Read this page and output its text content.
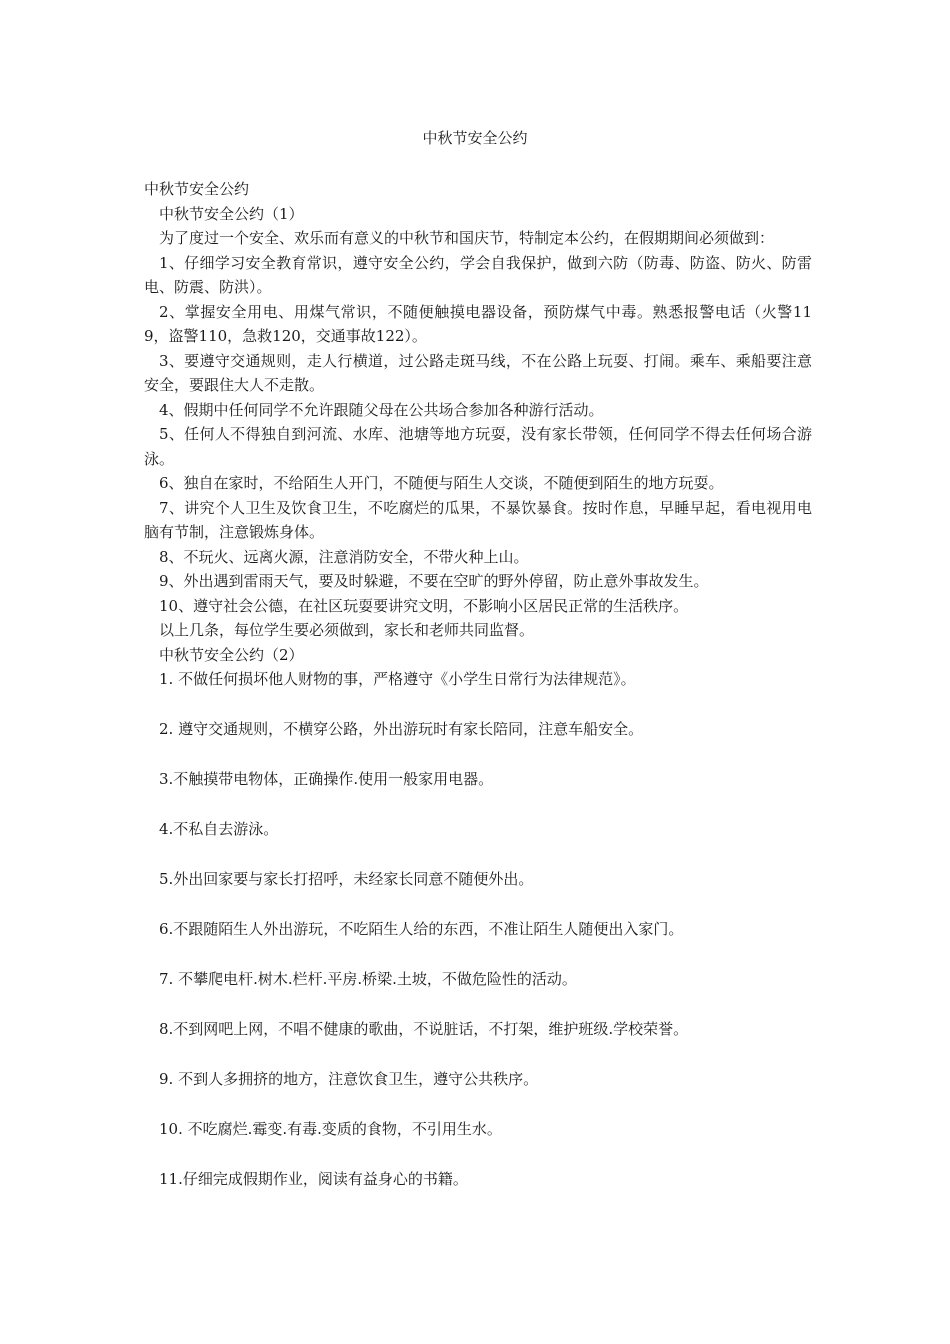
中秋节安全公约

中秋节安全公约

中秋节安全公约（1）

为了度过一个安全、欢乐而有意义的中秋节和国庆节，特制定本公约，在假期期间必须做到：

1、仔细学习安全教育常识，遵守安全公约，学会自我保护，做到六防（防毒、防盗、防火、防雷电、防震、防洪）。

2、掌握安全用电、用煤气常识，不随便触摸电器设备，预防煤气中毒。熟悉报警电话（火警119，盗警110，急救120，交通事故122）。

3、要遵守交通规则，走人行横道，过公路走斑马线，不在公路上玩耍、打闹。乘车、乘船要注意安全，要跟住大人不走散。

4、假期中任何同学不允许跟随父母在公共场合参加各种游行活动。

5、任何人不得独自到河流、水库、池塘等地方玩耍，没有家长带领，任何同学不得去任何场合游泳。

6、独自在家时，不给陌生人开门，不随便与陌生人交谈，不随便到陌生的地方玩耍。

7、讲究个人卫生及饮食卫生，不吃腐烂的瓜果，不暴饮暴食。按时作息，早睡早起，看电视用电脑有节制，注意锻炼身体。

8、不玩火、远离火源，注意消防安全，不带火种上山。

9、外出遇到雷雨天气，要及时躲避，不要在空旷的野外停留，防止意外事故发生。

10、遵守社会公德，在社区玩耍要讲究文明，不影响小区居民正常的生活秩序。

以上几条，每位学生要必须做到，家长和老师共同监督。

中秋节安全公约（2）

1. 不做任何损坏他人财物的事，严格遵守《小学生日常行为法律规范》。

2. 遵守交通规则，不横穿公路，外出游玩时有家长陪同，注意车船安全。

3.不触摸带电物体，正确操作.使用一般家用电器。

4.不私自去游泳。

5.外出回家要与家长打招呼，未经家长同意不随便外出。

6.不跟随陌生人外出游玩，不吃陌生人给的东西，不准让陌生人随便出入家门。

7. 不攀爬电杆.树木.栏杆.平房.桥梁.土坡，不做危险性的活动。

8.不到网吧上网，不唱不健康的歌曲，不说脏话，不打架，维护班级.学校荣誉。

9. 不到人多拥挤的地方，注意饮食卫生，遵守公共秩序。

10. 不吃腐烂.霉变.有毒.变质的食物，不引用生水。

11.仔细完成假期作业，阅读有益身心的书籍。
